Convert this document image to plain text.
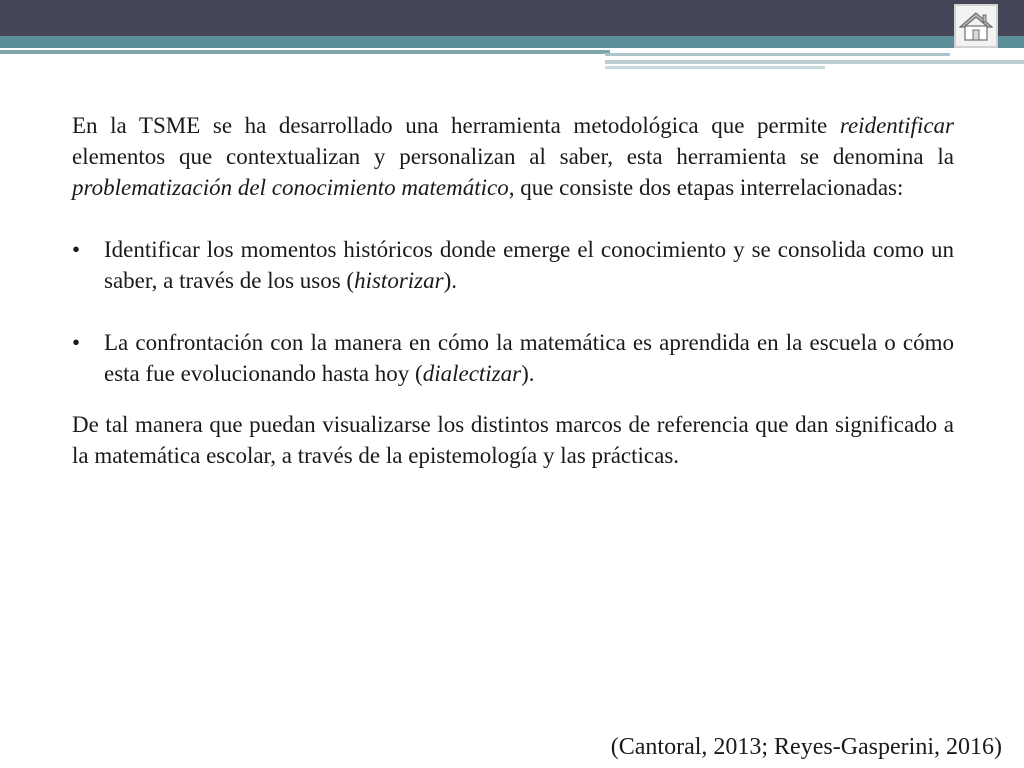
En la TSME se ha desarrollado una herramienta metodológica que permite reidentificar elementos que contextualizan y personalizan al saber, esta herramienta se denomina la problematización del conocimiento matemático, que consiste dos etapas interrelacionadas:

•	Identificar los momentos históricos donde emerge el conocimiento y se consolida como un saber, a través de los usos (historizar).

•	La confrontación con la manera en cómo la matemática es aprendida en la escuela o cómo esta fue evolucionando hasta hoy (dialectizar).

De tal manera que puedan visualizarse los distintos marcos de referencia que dan significado a la matemática escolar, a través de la epistemología y las prácticas.

(Cantoral, 2013; Reyes-Gasperini, 2016)
